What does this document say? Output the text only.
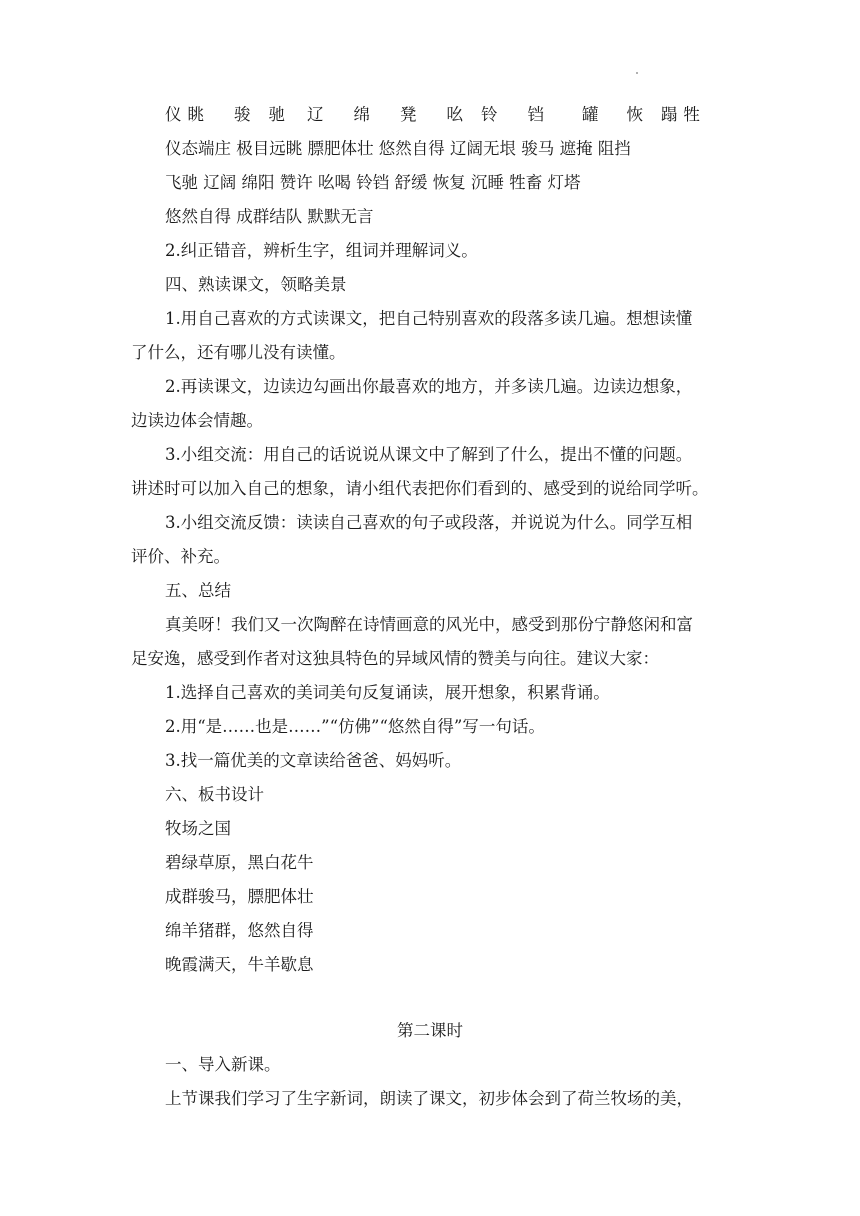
仪 眺 骏 驰 辽 绵 凳 吆 铃 铛 罐 恢 蹋 牲
仪态端庄 极目远眺 膘肥体壮 悠然自得 辽阔无垠 骏马 遮掩 阻挡
飞驰 辽阔 绵阳 赞许 吆喝 铃铛 舒缓 恢复 沉睡 牲畜 灯塔
悠然自得 成群结队 默默无言
2.纠正错音，辨析生字，组词并理解词义。
四、熟读课文，领略美景
1.用自己喜欢的方式读课文，把自己特别喜欢的段落多读几遍。想想读懂
了什么，还有哪儿没有读懂。
2.再读课文，边读边勾画出你最喜欢的地方，并多读几遍。边读边想象，
边读边体会情趣。
3.小组交流：用自己的话说说从课文中了解到了什么，提出不懂的问题。
讲述时可以加入自己的想象，请小组代表把你们看到的、感受到的说给同学听。
3.小组交流反馈：读读自己喜欢的句子或段落，并说说为什么。同学互相
评价、补充。
五、总结
真美呀！我们又一次陶醉在诗情画意的风光中，感受到那份宁静悠闲和富
足安逸，感受到作者对这独具特色的异域风情的赞美与向往。建议大家：
1.选择自己喜欢的美词美句反复诵读，展开想象，积累背诵。
2.用“是……也是……”“仿佛”“悠然自得”写一句话。
3.找一篇优美的文章读给爸爸、妈妈听。
六、板书设计
牧场之国
碧绿草原，黑白花牛
成群骏马，膘肥体壮
绵羊猪群，悠然自得
晚霞满天，牛羊歇息
第二课时
一、导入新课。
上节课我们学习了生字新词，朗读了课文，初步体会到了荷兰牧场的美，
